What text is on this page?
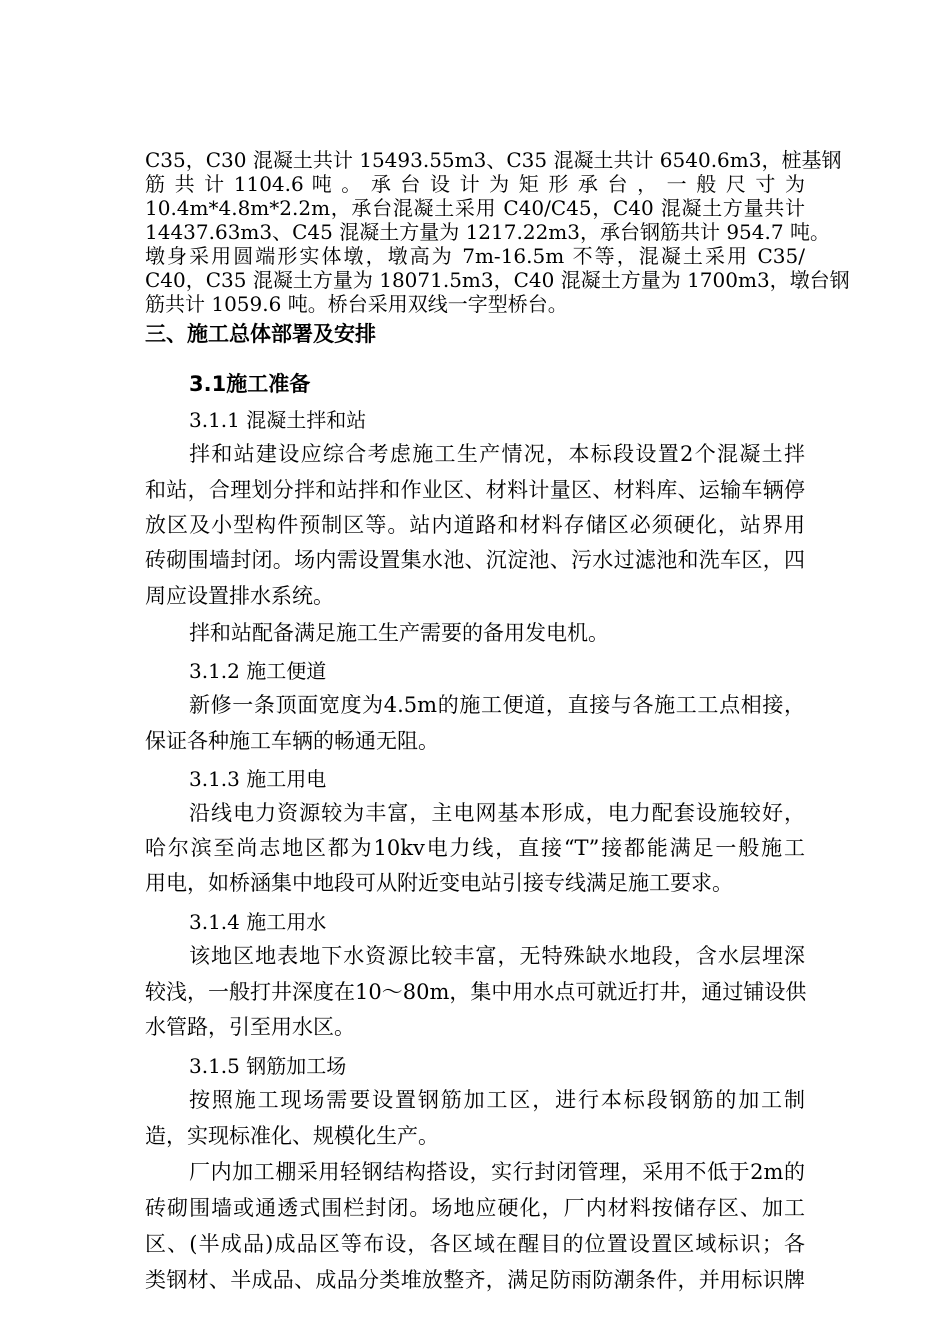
C35，C30 混凝土共计 15493.55m3、C35 混凝土共计 6540.6m3，桩基钢
筋 共 计 1104.6 吨 。 承 台 设 计 为 矩 形 承 台 ， 一 般 尺 寸 为
10.4m*4.8m*2.2m，承台混凝土采用 C40/C45，C40 混凝土方量共计
14437.63m3、C45 混凝土方量为 1217.22m3，承台钢筋共计 954.7 吨。
墩身采用圆端形实体墩，墩高为 7m-16.5m 不等，混凝土采用 C35/
C40，C35 混凝土方量为 18071.5m3，C40 混凝土方量为 1700m3，墩台钢
筋共计 1059.6 吨。桥台采用双线一字型桥台。
三、施工总体部署及安排
3.1施工准备
3.1.1 混凝土拌和站
拌和站建设应综合考虑施工生产情况，本标段设置2个混凝土拌
和站，合理划分拌和站拌和作业区、材料计量区、材料库、运输车辆停
放区及小型构件预制区等。站内道路和材料存储区必须硬化，站界用
砖砌围墙封闭。场内需设置集水池、沉淀池、污水过滤池和洗车区，四
周应设置排水系统。
拌和站配备满足施工生产需要的备用发电机。
3.1.2 施工便道
新修一条顶面宽度为4.5m的施工便道，直接与各施工工点相接，
保证各种施工车辆的畅通无阻。
3.1.3 施工用电
沿线电力资源较为丰富，主电网基本形成，电力配套设施较好，
哈尔滨至尚志地区都为10kv电力线，直接“T”接都能满足一般施工
用电，如桥涵集中地段可从附近变电站引接专线满足施工要求。
3.1.4 施工用水
该地区地表地下水资源比较丰富，无特殊缺水地段，含水层埋深
较浅，一般打井深度在10～80m，集中用水点可就近打井，通过铺设供
水管路，引至用水区。
3.1.5 钢筋加工场
按照施工现场需要设置钢筋加工区，进行本标段钢筋的加工制
造，实现标准化、规模化生产。
厂内加工棚采用轻钢结构搭设，实行封闭管理，采用不低于2m的
砖砌围墙或通透式围栏封闭。场地应硬化，厂内材料按储存区、加工
区、(半成品)成品区等布设，各区域在醒目的位置设置区域标识；各
类钢材、半成品、成品分类堆放整齐，满足防雨防潮条件，并用标识牌
